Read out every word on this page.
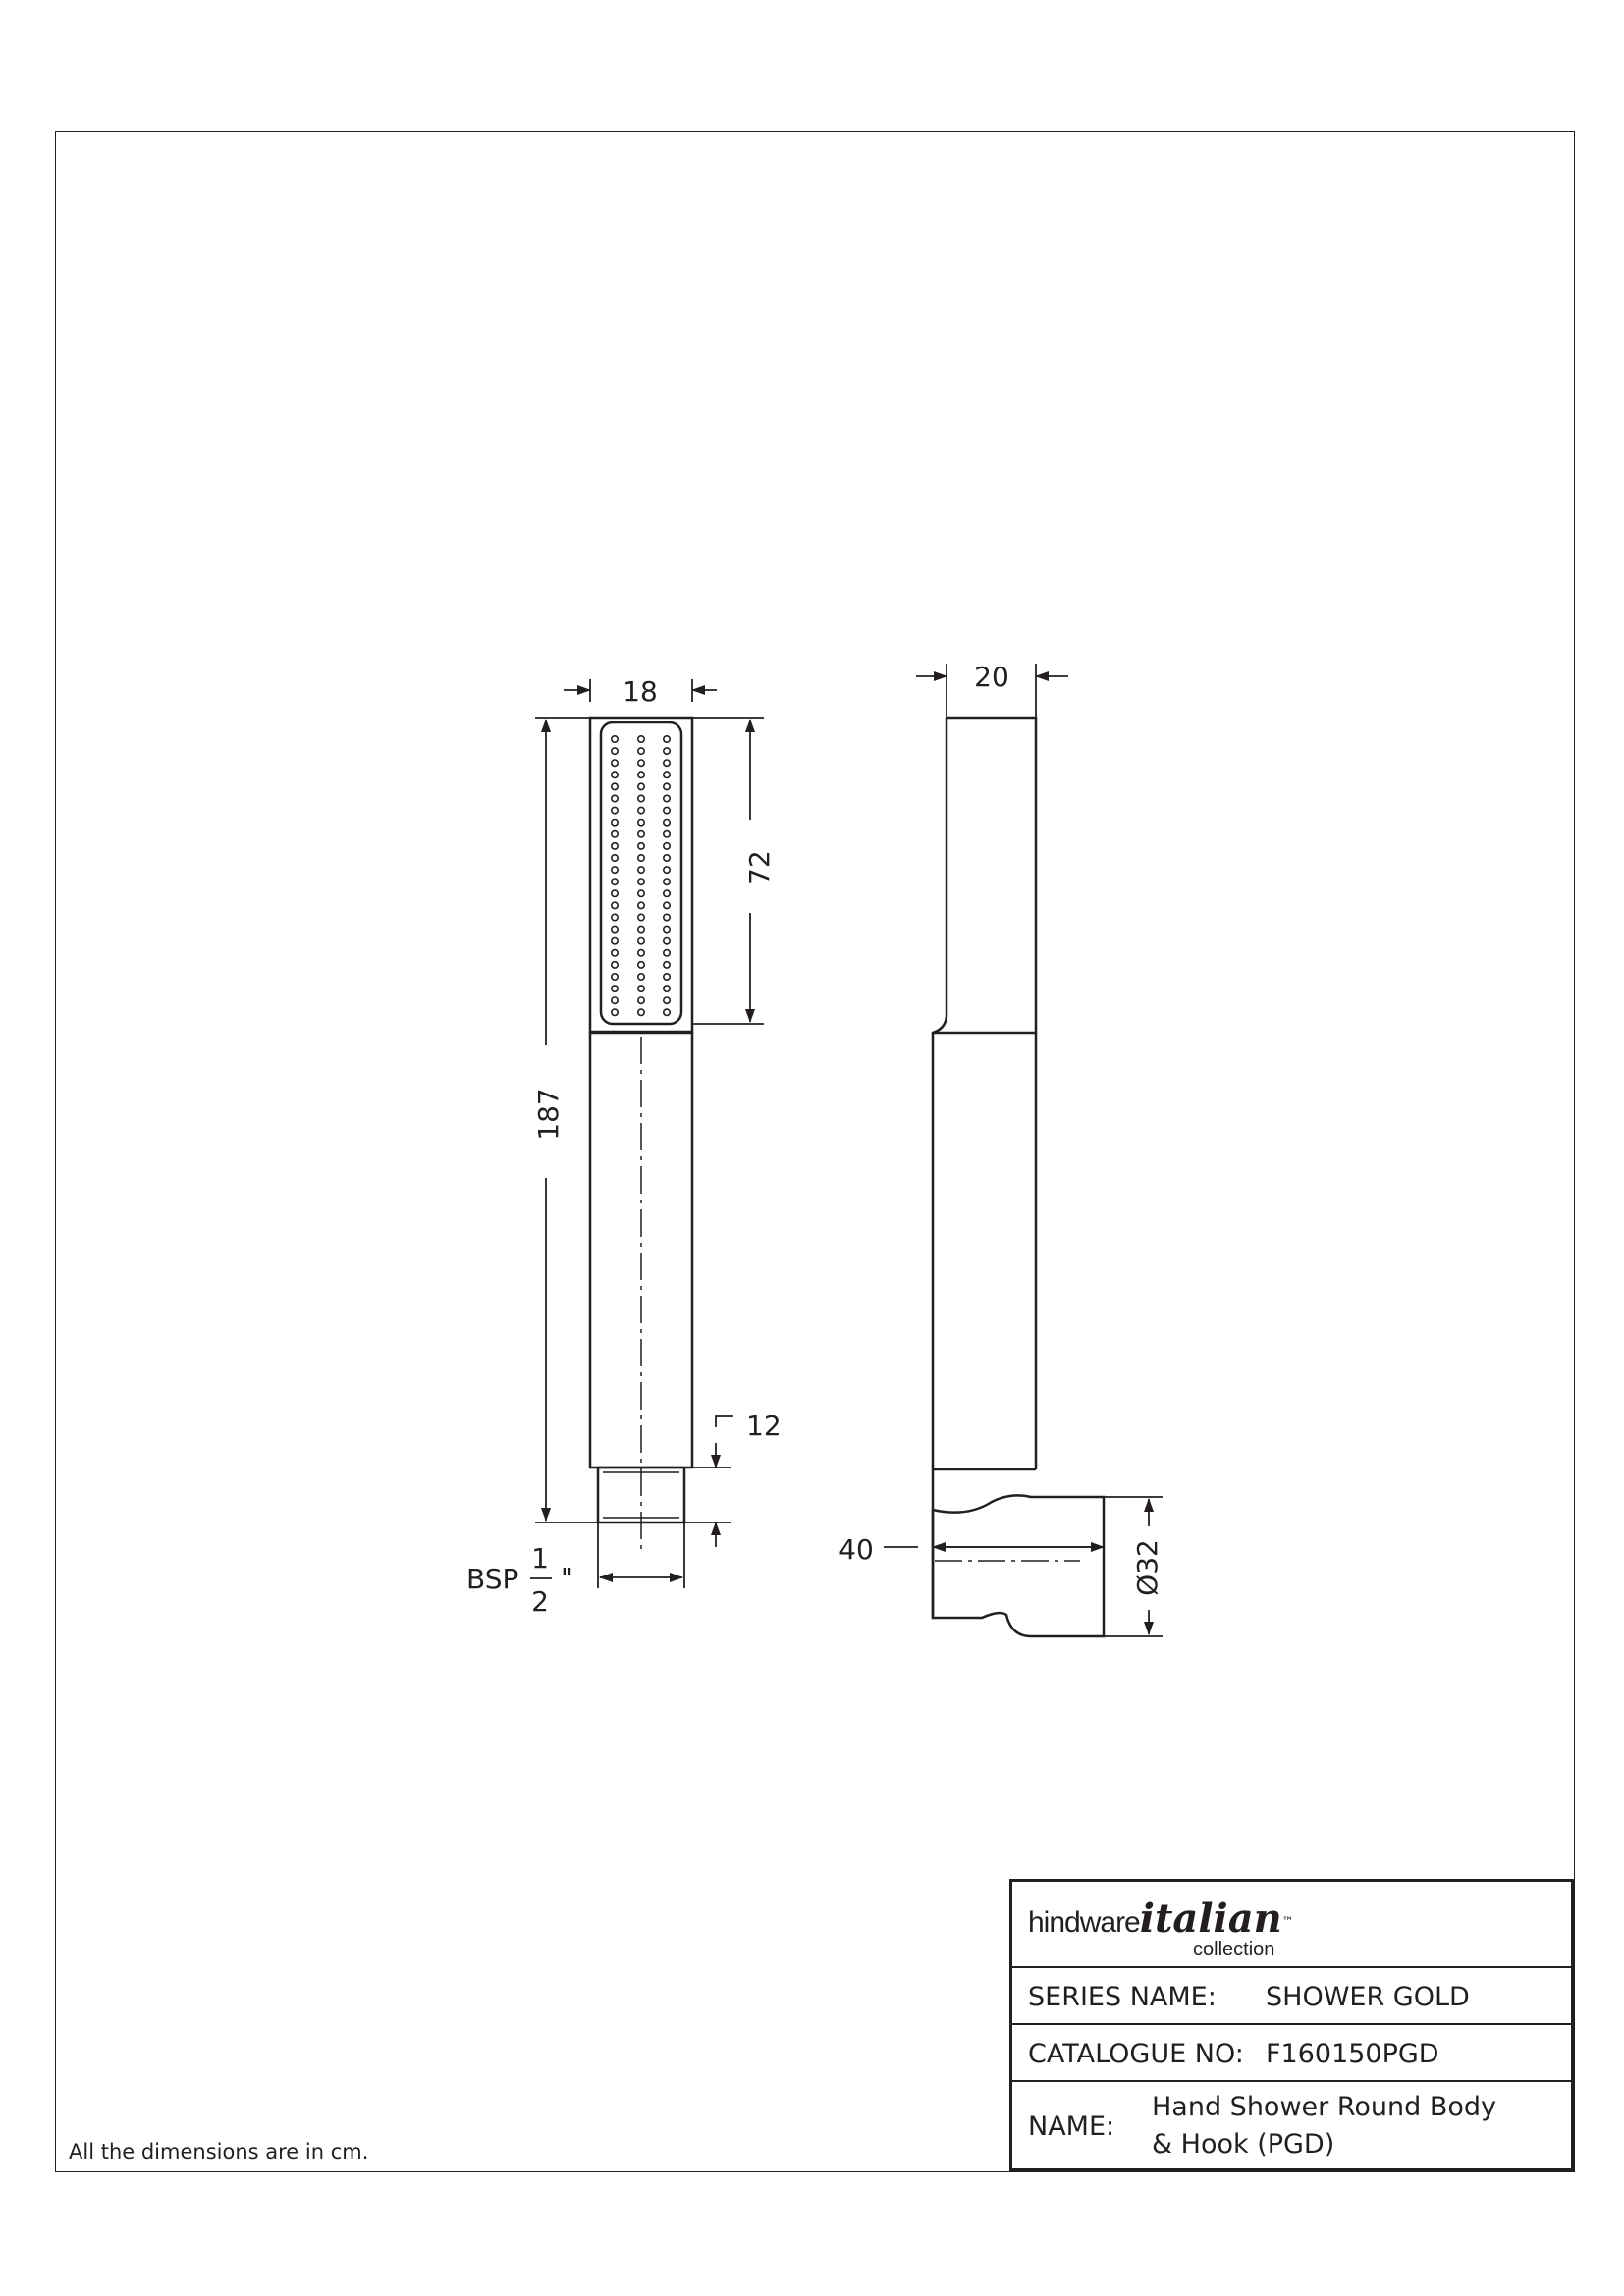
18
72
187
12
BSP
1
2
"
20
40	Ø32
All the dimensions are in cm.
hindwareitalian™
collection
SERIES NAME: SHOWER GOLD
CATALOGUE NO: F160150PGD
NAME:
Hand Shower Round Body
& Hook (PGD)
